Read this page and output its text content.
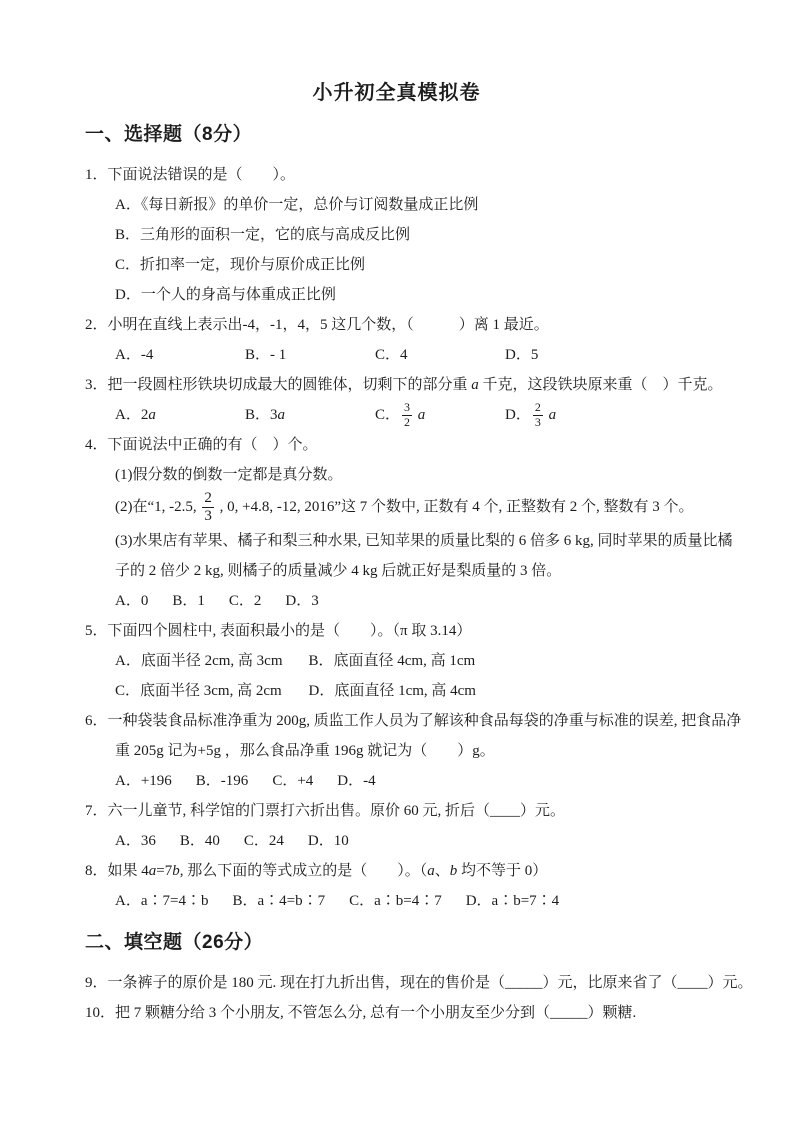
小升初全真模拟卷
一、选择题（8分）
1．下面说法错误的是（　　）。
A．《每日新报》的单价一定，总价与订阅数量成正比例
B．三角形的面积一定，它的底与高成反比例
C．折扣率一定，现价与原价成正比例
D．一个人的身高与体重成正比例
2．小明在直线上表示出-4，-1，4，5 这几个数，（　　　）离 1 最近。
A．-4	B．- 1	C．4	D．5
3．把一段圆柱形铁块切成最大的圆锥体，切剩下的部分重 a 千克，这段铁块原来重（　）千克。
A．2a	B．3a	C． $\frac{3}{2}$ a	D． $\frac{2}{3}$ a
4．下面说法中正确的有（　）个。
(1)假分数的倒数一定都是真分数。
(2)在“1, -2.5, $\frac{2}{3}$ , 0, +4.8, -12, 2016”这 7 个数中, 正数有 4 个, 正整数有 2 个, 整数有 3 个。
(3)水果店有苹果、橘子和梨三种水果, 已知苹果的质量比梨的 6 倍多 6 kg, 同时苹果的质量比橘
子的 2 倍少 2 kg, 则橘子的质量减少 4 kg 后就正好是梨质量的 3 倍。
A．0 B．1 C．2 D．3
5．下面四个圆柱中, 表面积最小的是（　　）。（π 取 3.14）
A．底面半径 2cm, 高 3cm B．底面直径 4cm, 高 1cm
C．底面半径 3cm, 高 2cm D．底面直径 1cm, 高 4cm
6．一种袋装食品标准净重为 200g, 质监工作人员为了解该种食品每袋的净重与标准的误差, 把食品净
重 205g 记为+5g ，那么食品净重 196g 就记为（　　）g。
A．+196 B．-196 C．+4 D．-4
7．六一儿童节, 科学馆的门票打六折出售。原价 60 元, 折后（____）元。
A．36 B．40 C．24 D．10
8．如果 4a=7b, 那么下面的等式成立的是（　　）。（a、b 均不等于 0）
A．a∶7=4∶b B．a∶4=b∶7 C．a∶b=4∶7 D．a∶b=7∶4
二、填空题（26分）
9．一条裤子的原价是 180 元. 现在打九折出售，现在的售价是（_____）元，比原来省了（____）元。
10．把 7 颗糖分给 3 个小朋友, 不管怎么分, 总有一个小朋友至少分到（_____）颗糖.
